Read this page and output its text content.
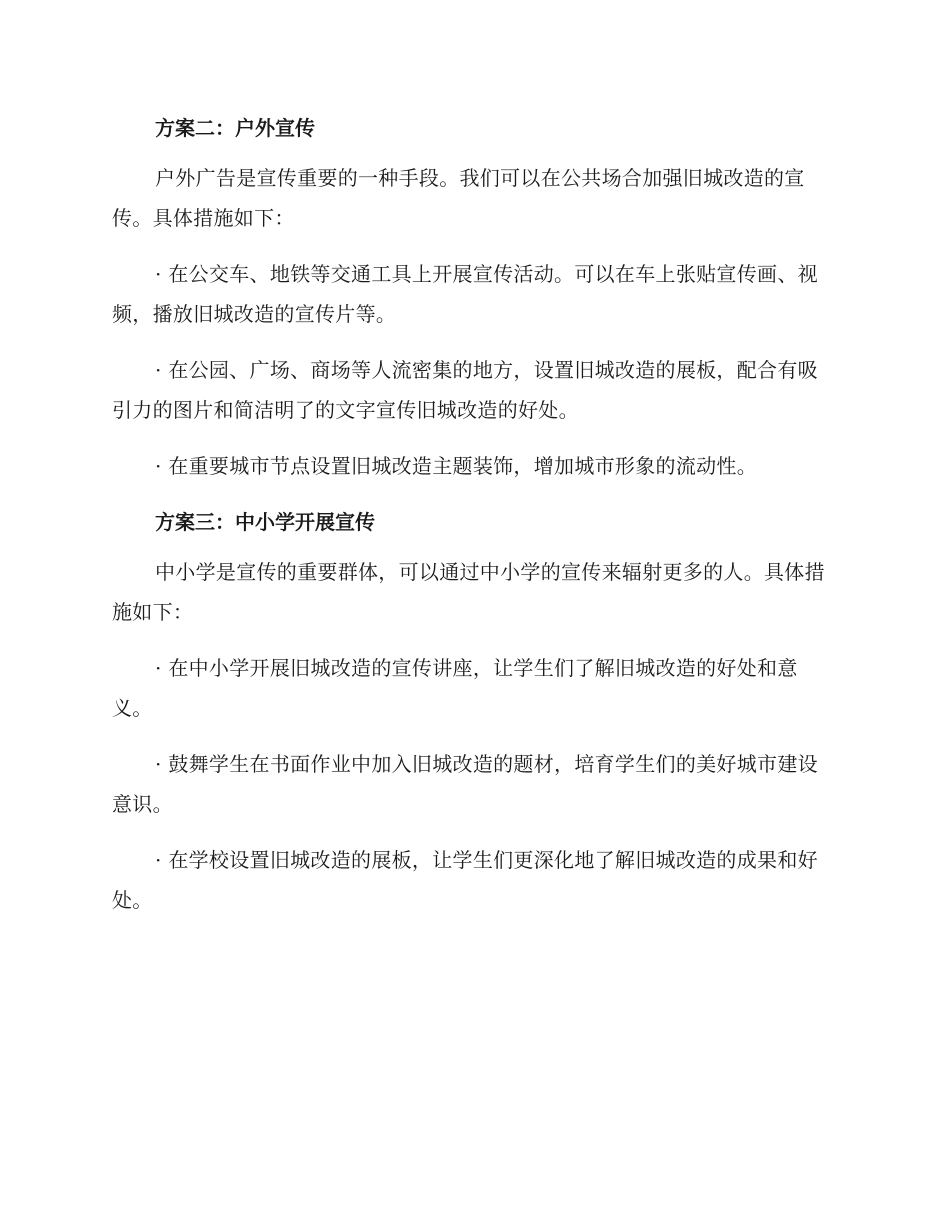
方案二：户外宣传

户外广告是宣传重要的一种手段。我们可以在公共场合加强旧城改造的宣传。具体措施如下：

· 在公交车、地铁等交通工具上开展宣传活动。可以在车上张贴宣传画、视频，播放旧城改造的宣传片等。

· 在公园、广场、商场等人流密集的地方，设置旧城改造的展板，配合有吸引力的图片和简洁明了的文字宣传旧城改造的好处。

· 在重要城市节点设置旧城改造主题装饰，增加城市形象的流动性。

方案三：中小学开展宣传

中小学是宣传的重要群体，可以通过中小学的宣传来辐射更多的人。具体措施如下：

· 在中小学开展旧城改造的宣传讲座，让学生们了解旧城改造的好处和意义。

· 鼓舞学生在书面作业中加入旧城改造的题材，培育学生们的美好城市建设意识。

· 在学校设置旧城改造的展板，让学生们更深化地了解旧城改造的成果和好处。
